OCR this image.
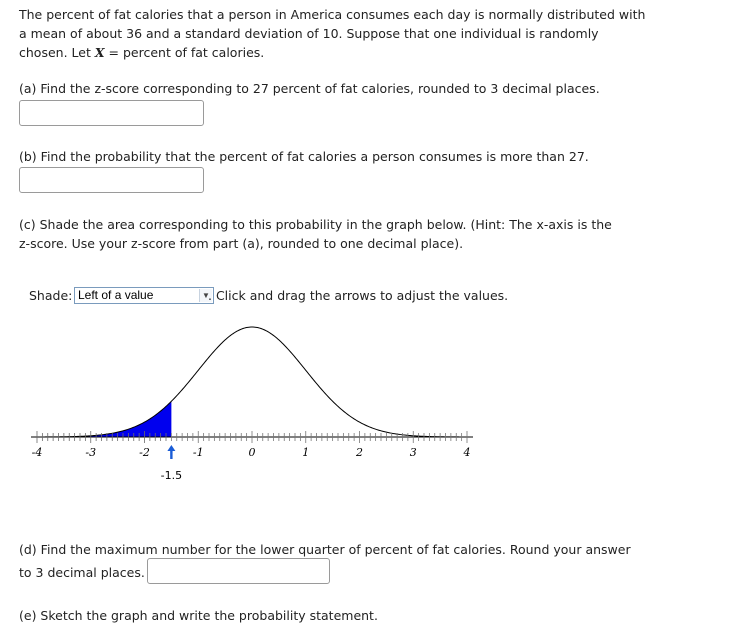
The percent of fat calories that a person in America consumes each day is normally distributed with
a mean of about 36 and a standard deviation of 10. Suppose that one individual is randomly
chosen. Let X = percent of fat calories.
(a) Find the z-score corresponding to 27 percent of fat calories, rounded to 3 decimal places.
(b) Find the probability that the percent of fat calories a person consumes is more than 27.
(c) Shade the area corresponding to this probability in the graph below. (Hint: The x-axis is the
z-score. Use your z-score from part (a), rounded to one decimal place).
Shade: Left of a value	▼
. Click and drag the arrows to adjust the values.
-4	-3	-2	-1	0	1	2	3	4
-1.5
(d) Find the maximum number for the lower quarter of percent of fat calories. Round your answer
to 3 decimal places.
(e) Sketch the graph and write the probability statement.
